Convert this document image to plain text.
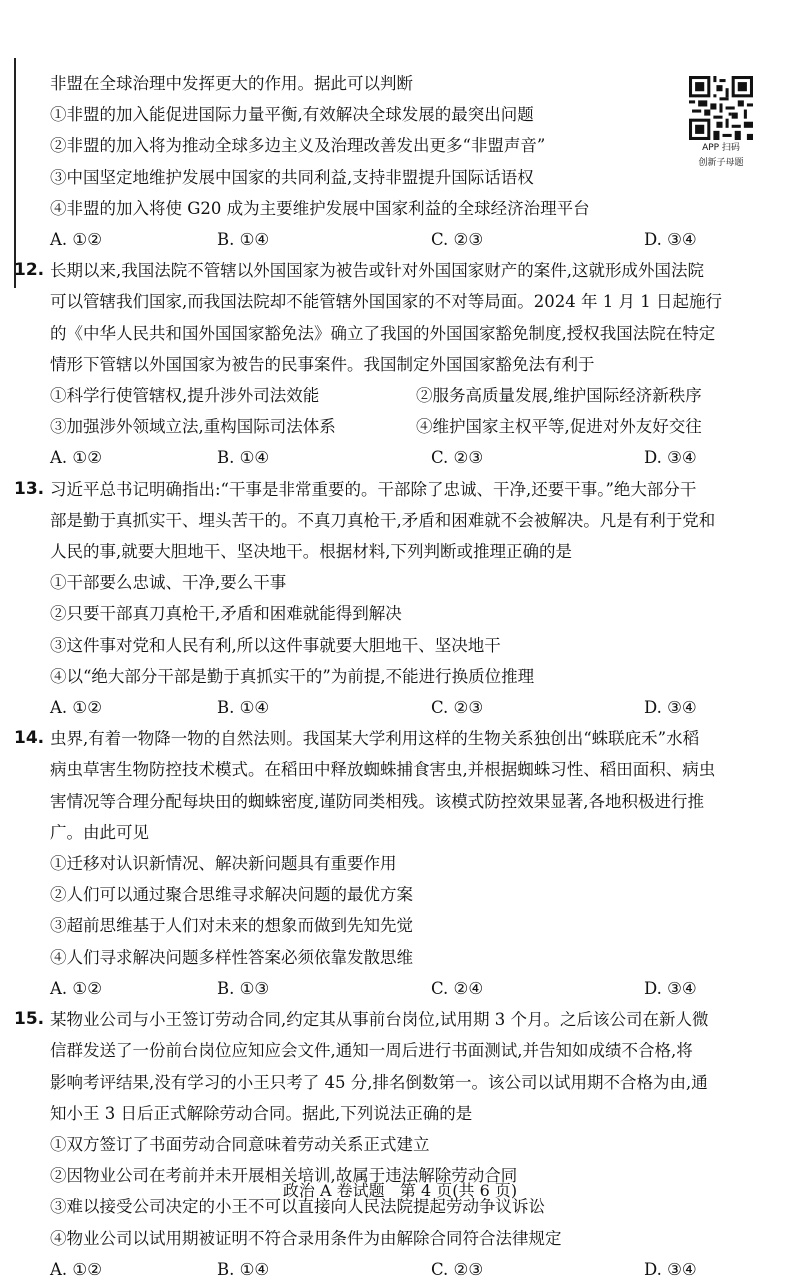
APP 扫码
创新子母题
非盟在全球治理中发挥更大的作用。据此可以判断
①非盟的加入能促进国际力量平衡,有效解决全球发展的最突出问题
②非盟的加入将为推动全球多边主义及治理改善发出更多“非盟声音”
③中国坚定地维护发展中国家的共同利益,支持非盟提升国际话语权
④非盟的加入将使 G20 成为主要维护发展中国家利益的全球经济治理平台
A. ①②	B. ①④	C. ②③	D. ③④
12. 长期以来,我国法院不管辖以外国国家为被告或针对外国国家财产的案件,这就形成外国法院
可以管辖我们国家,而我国法院却不能管辖外国国家的不对等局面。2024 年 1 月 1 日起施行
的《中华人民共和国外国国家豁免法》确立了我国的外国国家豁免制度,授权我国法院在特定
情形下管辖以外国国家为被告的民事案件。我国制定外国国家豁免法有利于
①科学行使管辖权,提升涉外司法效能	②服务高质量发展,维护国际经济新秩序
③加强涉外领域立法,重构国际司法体系	④维护国家主权平等,促进对外友好交往
A. ①②	B. ①④	C. ②③	D. ③④
13. 习近平总书记明确指出:“干事是非常重要的。干部除了忠诚、干净,还要干事。”绝大部分干
部是勤于真抓实干、埋头苦干的。不真刀真枪干,矛盾和困难就不会被解决。凡是有利于党和
人民的事,就要大胆地干、坚决地干。根据材料,下列判断或推理正确的是
①干部要么忠诚、干净,要么干事
②只要干部真刀真枪干,矛盾和困难就能得到解决
③这件事对党和人民有利,所以这件事就要大胆地干、坚决地干
④以“绝大部分干部是勤于真抓实干的”为前提,不能进行换质位推理
A. ①②	B. ①④	C. ②③	D. ③④
14. 虫界,有着一物降一物的自然法则。我国某大学利用这样的生物关系独创出“蛛联庇禾”水稻
病虫草害生物防控技术模式。在稻田中释放蜘蛛捕食害虫,并根据蜘蛛习性、稻田面积、病虫
害情况等合理分配每块田的蜘蛛密度,谨防同类相残。该模式防控效果显著,各地积极进行推
广。由此可见
①迁移对认识新情况、解决新问题具有重要作用
②人们可以通过聚合思维寻求解决问题的最优方案
③超前思维基于人们对未来的想象而做到先知先觉
④人们寻求解决问题多样性答案必须依靠发散思维
A. ①②	B. ①③	C. ②④	D. ③④
15. 某物业公司与小王签订劳动合同,约定其从事前台岗位,试用期 3 个月。之后该公司在新人微
信群发送了一份前台岗位应知应会文件,通知一周后进行书面测试,并告知如成绩不合格,将
影响考评结果,没有学习的小王只考了 45 分,排名倒数第一。该公司以试用期不合格为由,通
知小王 3 日后正式解除劳动合同。据此,下列说法正确的是
①双方签订了书面劳动合同意味着劳动关系正式建立
②因物业公司在考前并未开展相关培训,故属于违法解除劳动合同
③难以接受公司决定的小王不可以直接向人民法院提起劳动争议诉讼
④物业公司以试用期被证明不符合录用条件为由解除合同符合法律规定
A. ①②	B. ①④	C. ②③	D. ③④
政治 A 卷试题   第 4 页(共 6 页)
